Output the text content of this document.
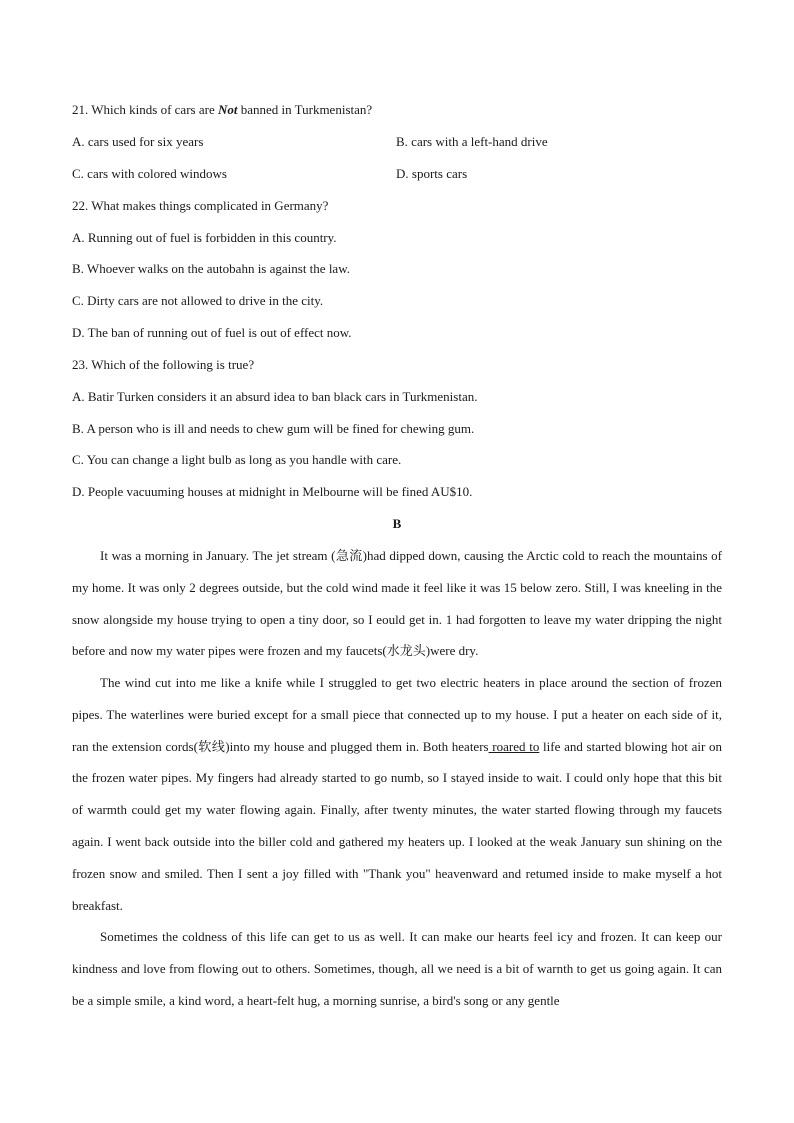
21. Which kinds of cars are Not banned in Turkmenistan?
A. cars used for six years	B. cars with a left-hand drive
C. cars with colored windows	D. sports cars
22. What makes things complicated in Germany?
A. Running out of fuel is forbidden in this country.
B. Whoever walks on the autobahn is against the law.
C. Dirty cars are not allowed to drive in the city.
D. The ban of running out of fuel is out of effect now.
23. Which of the following is true?
A. Batir Turken considers it an absurd idea to ban black cars in Turkmenistan.
B. A person who is ill and needs to chew gum will be fined for chewing gum.
C. You can change a light bulb as long as you handle with care.
D. People vacuuming houses at midnight in Melbourne will be fined AU$10.
B
It was a morning in January. The jet stream (急流)had dipped down, causing the Arctic cold to reach the mountains of my home. It was only 2 degrees outside, but the cold wind made it feel like it was 15 below zero. Still, I was kneeling in the snow alongside my house trying to open a tiny door, so I eould get in. 1 had forgotten to leave my water dripping the night before and now my water pipes were frozen and my faucets(水龙头)were dry.
The wind cut into me like a knife while I struggled to get two electric heaters in place around the section of frozen pipes. The waterlines were buried except for a small piece that connected up to my house. I put a heater on each side of it, ran the extension cords(软线)into my house and plugged them in. Both heaters roared to life and started blowing hot air on the frozen water pipes. My fingers had already started to go numb, so I stayed inside to wait. I could only hope that this bit of warmth could get my water flowing again. Finally, after twenty minutes, the water started flowing through my faucets again. I went back outside into the biller cold and gathered my heaters up. I looked at the weak January sun shining on the frozen snow and smiled. Then I sent a joy filled with "Thank you" heavenward and retumed inside to make myself a hot breakfast.
Sometimes the coldness of this life can get to us as well. It can make our hearts feel icy and frozen. It can keep our kindness and love from flowing out to others. Sometimes, though, all we need is a bit of warnth to get us going again. It can be a simple smile, a kind word, a heart-felt hug, a morning sunrise, a bird's song or any gentle
